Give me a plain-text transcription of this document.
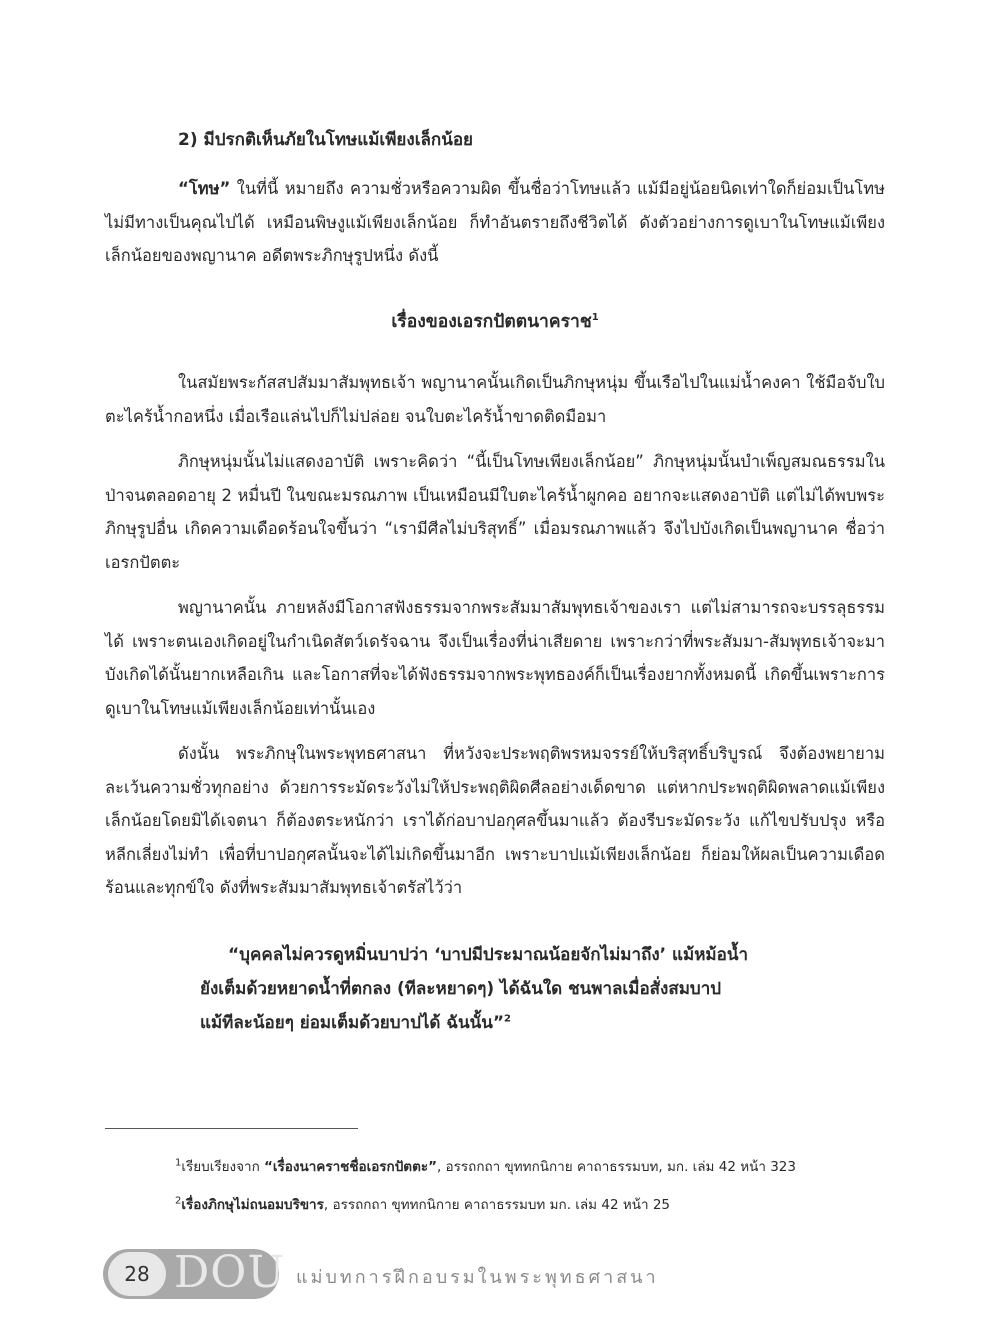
2) มีปรกติเห็นภัยในโทษแม้เพียงเล็กน้อย
“โทษ” ในที่นี้ หมายถึง ความชั่วหรือความผิด ขึ้นชื่อว่าโทษแล้ว แม้มีอยู่น้อยนิดเท่าใดก็ย่อมเป็นโทษ ไม่มีทางเป็นคุณไปได้ เหมือนพิษงูแม้เพียงเล็กน้อย ก็ทำอันตรายถึงชีวิตได้ ดังตัวอย่างการดูเบาในโทษแม้เพียงเล็กน้อยของพญานาค อดีตพระภิกษุรูปหนึ่ง ดังนี้
เรื่องของเอรกปัตตนาคราช$^1$
ในสมัยพระกัสสปสัมมาสัมพุทธเจ้า พญานาคนั้นเกิดเป็นภิกษุหนุ่ม ขึ้นเรือไปในแม่น้ำคงคา ใช้มือจับใบตะไคร้น้ำกอหนึ่ง เมื่อเรือแล่นไปก็ไม่ปล่อย จนใบตะไคร้น้ำขาดติดมือมา
ภิกษุหนุ่มนั้นไม่แสดงอาบัติ เพราะคิดว่า “นี้เป็นโทษเพียงเล็กน้อย” ภิกษุหนุ่มนั้นบำเพ็ญสมณธรรมในป่าจนตลอดอายุ 2 หมื่นปี ในขณะมรณภาพ เป็นเหมือนมีใบตะไคร้น้ำผูกคอ อยากจะแสดงอาบัติ แต่ไม่ได้พบพระภิกษุรูปอื่น เกิดความเดือดร้อนใจขึ้นว่า “เรามีศีลไม่บริสุทธิ์” เมื่อมรณภาพแล้ว จึงไปบังเกิดเป็นพญานาค ชื่อว่าเอรกปัตตะ
พญานาคนั้น ภายหลังมีโอกาสฟังธรรมจากพระสัมมาสัมพุทธเจ้าของเรา แต่ไม่สามารถจะบรรลุธรรมได้ เพราะตนเองเกิดอยู่ในกำเนิดสัตว์เดรัจฉาน จึงเป็นเรื่องที่น่าเสียดาย เพราะกว่าที่พระสัมมา-สัมพุทธเจ้าจะมาบังเกิดได้นั้นยากเหลือเกิน และโอกาสที่จะได้ฟังธรรมจากพระพุทธองค์ก็เป็นเรื่องยากทั้งหมดนี้ เกิดขึ้นเพราะการดูเบาในโทษแม้เพียงเล็กน้อยเท่านั้นเอง
ดังนั้น พระภิกษุในพระพุทธศาสนา ที่หวังจะประพฤติพรหมจรรย์ให้บริสุทธิ์บริบูรณ์ จึงต้องพยายามละเว้นความชั่วทุกอย่าง ด้วยการระมัดระวังไม่ให้ประพฤติผิดศีลอย่างเด็ดขาด แต่หากประพฤติผิดพลาดแม้เพียงเล็กน้อยโดยมิได้เจตนา ก็ต้องตระหนักว่า เราได้ก่อบาปอกุศลขึ้นมาแล้ว ต้องรีบระมัดระวัง แก้ไขปรับปรุง หรือหลีกเลี่ยงไม่ทำ เพื่อที่บาปอกุศลนั้นจะได้ไม่เกิดขึ้นมาอีก เพราะบาปแม้เพียงเล็กน้อย ก็ย่อมให้ผลเป็นความเดือดร้อนและทุกข์ใจ ดังที่พระสัมมาสัมพุทธเจ้าตรัสไว้ว่า
“บุคคลไม่ควรดูหมิ่นบาปว่า ‘บาปมีประมาณน้อยจักไม่มาถึง’ แม้หม้อน้ำ
ยังเต็มด้วยหยาดน้ำที่ตกลง (ทีละหยาดๆ) ได้ฉันใด ชนพาลเมื่อสั่งสมบาป
แม้ทีละน้อยๆ ย่อมเต็มด้วยบาปได้ ฉันนั้น”$^2$
$^1$เรียบเรียงจาก “เรื่องนาคราชชื่อเอรกปัตตะ”, อรรถกถา ขุททกนิกาย คาถาธรรมบท, มก. เล่ม 42 หน้า 323
$^2$เรื่องภิกษุไม่ถนอมบริขาร, อรรถกถา ขุททกนิกาย คาถาธรรมบท มก. เล่ม 42 หน้า 25
28 DOU แม่บทการฝึกอบรมในพระพุทธศาสนา
